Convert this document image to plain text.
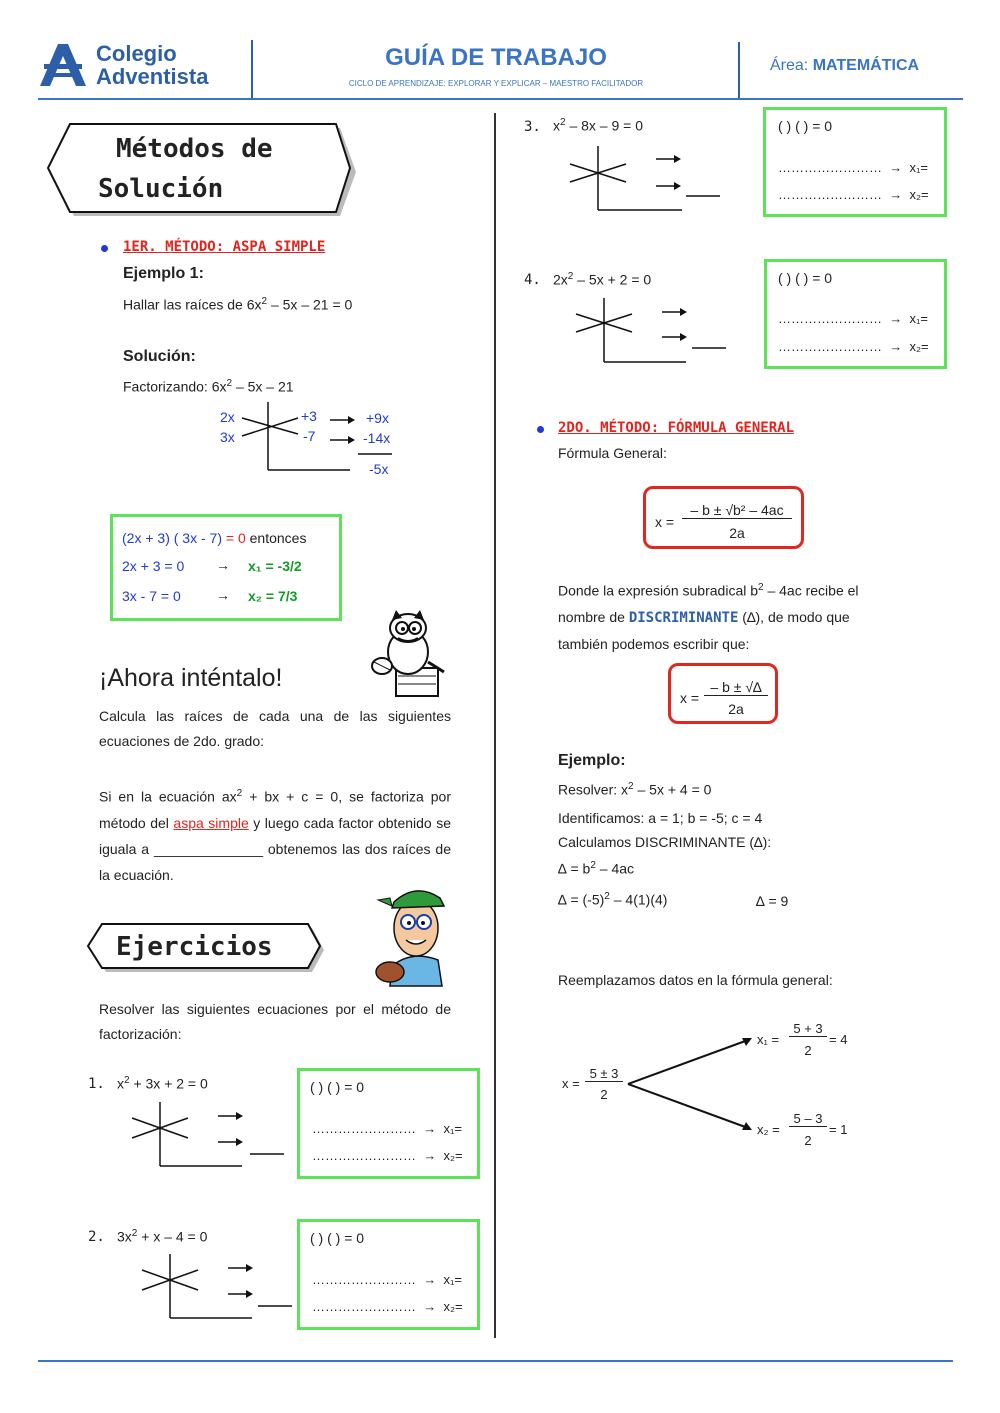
Colegio
Adventista
GUÍA DE TRABAJO
CICLO DE APRENDIZAJE: EXPLORAR Y EXPLICAR – MAESTRO FACILITADOR
Área: MATEMÁTICA
Métodos de
Solución
1ER. MÉTODO: ASPA SIMPLE
Ejemplo 1:
Hallar las raíces de $6x^2 - 5x - 21 = 0$
Solución:
Factorizando: $6x^2 - 5x - 21$
2x
3x
+3
-7
+9x
-14x
-5x
(2x + 3) ( 3x - 7) = 0 entonces
2x + 3 = 0 → x₁ = -3/2
3x - 7 = 0	→ x₂ = 7/3
¡Ahora inténtalo!
Calcula las raíces de cada una de las siguientes ecuaciones de 2do. grado:
Si en la ecuación $ax^2$ + bx + c = 0, se factoriza por método del aspa simple y luego cada factor obtenido se iguala a ______________ obtenemos las dos raíces de la ecuación.
Ejercicios
Resolver las siguientes ecuaciones por el método de factorización:
1. $x^2 + 3x + 2 = 0$	( ) ( ) = 0
…………………… → x₁=
…………………… → x₂=
2. $3x^2 + x - 4 = 0$	( ) ( ) = 0
…………………… → x₁=
…………………… → x₂=
3. $x^2 - 8x - 9 = 0$	( ) ( ) = 0
…………………… → x₁=
…………………… → x₂=
4. $2x^2 - 5x + 2 = 0$	( ) ( ) = 0
…………………… → x₁=
…………………… → x₂=
2DO. MÉTODO: FÓRMULA GENERAL
Fórmula General:
x =
– b ± √b² – 4ac
2a
Donde la expresión subradical $b^2 - 4ac$ recibe el nombre de DISCRIMINANTE (∆), de modo que también podemos escribir que:
x =
– b ± √∆
2a
Ejemplo:
Resolver: $x^2 - 5x + 4 = 0$
Identificamos: a = 1; b = -5; c = 4
Calculamos DISCRIMINANTE (∆):
∆ = $b^2 - 4ac$
∆ = $(-5)^2 - 4(1)(4)$	∆ = 9
Reemplazamos datos en la fórmula general:
x =
5 ± 3
2
x₁ =
5 + 3
2
= 4
x₂ =
5 – 3
2
= 1
